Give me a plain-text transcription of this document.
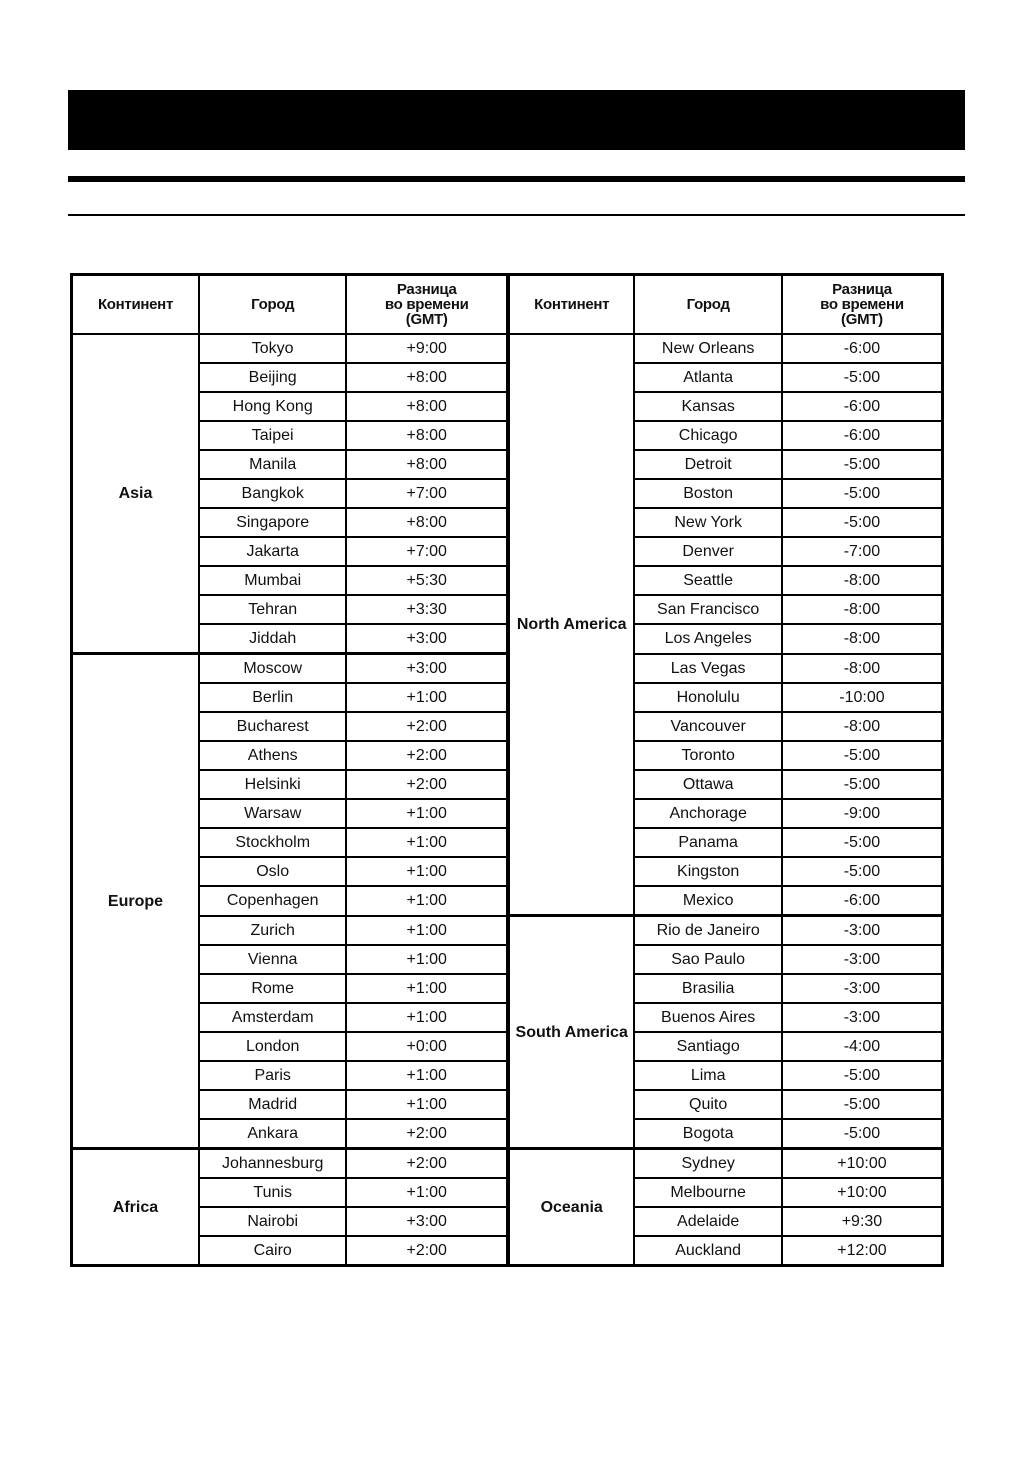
Континент	Город	Разница
во времени
(GMT)	Континент	Город	Разница
во времени
(GMT)
Asia	Tokyo	+9:00	North America	New Orleans	-6:00
	Beijing	+8:00		Atlanta	-5:00
	Hong Kong	+8:00		Kansas	-6:00
	Taipei	+8:00		Chicago	-6:00
	Manila	+8:00		Detroit	-5:00
	Bangkok	+7:00		Boston	-5:00
	Singapore	+8:00		New York	-5:00
	Jakarta	+7:00		Denver	-7:00
	Mumbai	+5:30		Seattle	-8:00
	Tehran	+3:30		San Francisco	-8:00
	Jiddah	+3:00		Los Angeles	-8:00
Europe	Moscow	+3:00		Las Vegas	-8:00
	Berlin	+1:00		Honolulu	-10:00
	Bucharest	+2:00		Vancouver	-8:00
	Athens	+2:00		Toronto	-5:00
	Helsinki	+2:00		Ottawa	-5:00
	Warsaw	+1:00		Anchorage	-9:00
	Stockholm	+1:00		Panama	-5:00
	Oslo	+1:00		Kingston	-5:00
	Copenhagen	+1:00		Mexico	-6:00
	Zurich	+1:00	South America	Rio de Janeiro	-3:00
	Vienna	+1:00		Sao Paulo	-3:00
	Rome	+1:00		Brasilia	-3:00
	Amsterdam	+1:00		Buenos Aires	-3:00
	London	+0:00		Santiago	-4:00
	Paris	+1:00		Lima	-5:00
	Madrid	+1:00		Quito	-5:00
	Ankara	+2:00		Bogota	-5:00
Africa	Johannesburg	+2:00	Oceania	Sydney	+10:00
	Tunis	+1:00		Melbourne	+10:00
	Nairobi	+3:00		Adelaide	+9:30
	Cairo	+2:00		Auckland	+12:00
